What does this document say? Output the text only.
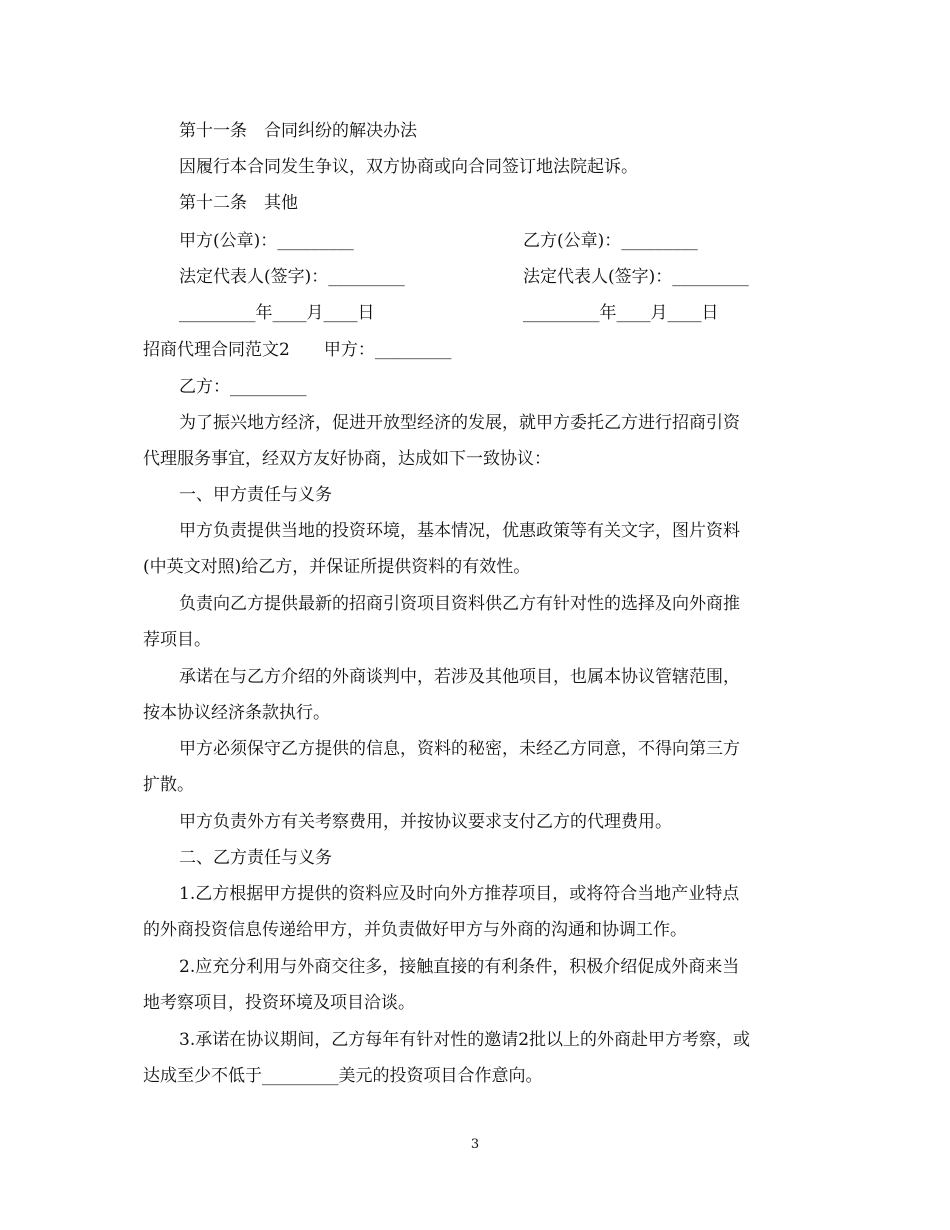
第十一条　合同纠纷的解决办法
因履行本合同发生争议，双方协商或向合同签订地法院起诉。
第十二条　其他
甲方(公章)：_________	乙方(公章)：_________
法定代表人(签字)：_________	法定代表人(签字)：_________
_________年____月____日	_________年____月____日
招商代理合同范文2　　甲方：_________
乙方：_________
为了振兴地方经济，促进开放型经济的发展，就甲方委托乙方进行招商引资
代理服务事宜，经双方友好协商，达成如下一致协议：
一、甲方责任与义务
甲方负责提供当地的投资环境，基本情况，优惠政策等有关文字，图片资料
(中英文对照)给乙方，并保证所提供资料的有效性。
负责向乙方提供最新的招商引资项目资料供乙方有针对性的选择及向外商推
荐项目。
承诺在与乙方介绍的外商谈判中，若涉及其他项目，也属本协议管辖范围，
按本协议经济条款执行。
甲方必须保守乙方提供的信息，资料的秘密，未经乙方同意，不得向第三方
扩散。
甲方负责外方有关考察费用，并按协议要求支付乙方的代理费用。
二、乙方责任与义务
1.乙方根据甲方提供的资料应及时向外方推荐项目，或将符合当地产业特点
的外商投资信息传递给甲方，并负责做好甲方与外商的沟通和协调工作。
2.应充分利用与外商交往多，接触直接的有利条件，积极介绍促成外商来当
地考察项目，投资环境及项目洽谈。
3.承诺在协议期间，乙方每年有针对性的邀请2批以上的外商赴甲方考察，或
达成至少不低于_________美元的投资项目合作意向。
3
